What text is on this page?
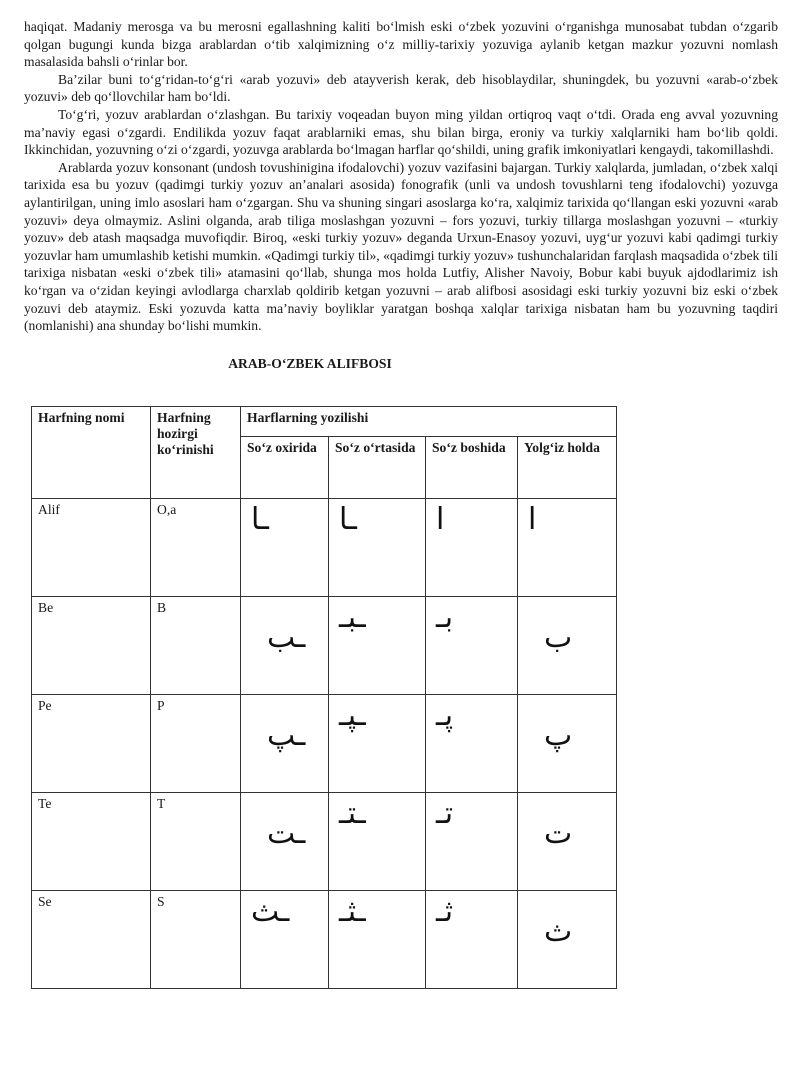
haqiqat. Madaniy merosga va bu merosni egallashning kaliti bo‘lmish eski o‘zbek yozuvini o‘rganishga munosabat tubdan o‘zgarib qolgan bugungi kunda bizga arablardan o‘tib xalqimizning o‘z milliy-tarixiy yozuviga aylanib ketgan mazkur yozuvni nomlash masalasida bahsli o‘rinlar bor.

Ba’zilar buni to‘g‘ridan-to‘g‘ri «arab yozuvi» deb atayverish kerak, deb hisoblaydilar, shuningdek, bu yozuvni «arab-o‘zbek yozuvi» deb qo‘llovchilar ham bo‘ldi.

To‘g‘ri, yozuv arablardan o‘zlashgan. Bu tarixiy voqeadan buyon ming yildan ortiqroq vaqt o‘tdi. Orada eng avval yozuvning ma’naviy egasi o‘zgardi. Endilikda yozuv faqat arablarniki emas, shu bilan birga, eroniy va turkiy xalqlarniki ham bo‘lib qoldi. Ikkinchidan, yozuvning o‘zi o‘zgardi, yozuvga arablarda bo‘lmagan harflar qo‘shildi, uning grafik imkoniyatlari kengaydi, takomillashdi.

Arablarda yozuv konsonant (undosh tovushinigina ifodalovchi) yozuv vazifasini bajargan. Turkiy xalqlarda, jumladan, o‘zbek xalqi tarixida esa bu yozuv (qadimgi turkiy yozuv an’analari asosida) fonografik (unli va undosh tovushlarni teng ifodalovchi) yozuvga aylantirilgan, uning imlo asoslari ham o‘zgargan. Shu va shuning singari asoslarga ko‘ra, xalqimiz tarixida qo‘llangan eski yozuvni «arab yozuvi» deya olmaymiz. Aslini olganda, arab tiliga moslashgan yozuvni – fors yozuvi, turkiy tillarga moslashgan yozuvni – «turkiy yozuv» deb atash maqsadga muvofiqdir. Biroq, «eski turkiy yozuv» deganda Urxun-Enasoy yozuvi, uyg‘ur yozuvi kabi qadimgi turkiy yozuvlar ham umumlashib ketishi mumkin. «Qadimgi turkiy til», «qadimgi turkiy yozuv» tushunchalaridan farqlash maqsadida o‘zbek tili tarixiga nisbatan «eski o‘zbek tili» atamasini qo‘llab, shunga mos holda Lutfiy, Alisher Navoiy, Bobur kabi buyuk ajdodlarimiz ish ko‘rgan va o‘zidan keyingi avlodlarga charxlab qoldirib ketgan yozuvni – arab alifbosi asosidagi eski turkiy yozuvni biz eski o‘zbek yozuvi deb ataymiz. Eski yozuvda katta ma’naviy boyliklar yaratgan boshqa xalqlar tarixiga nisbatan ham bu yozuvning taqdiri (nomlanishi) ana shunday bo‘lishi mumkin.

ARAB-O‘ZBEK ALIFBOSI

Harfning nomi	Harfning hozirgi ko‘rinishi	Harflarning yozilishi			
		So‘z oxirida	So‘z o‘rtasida	So‘z boshida	Yolg‘iz holda
Alif	O,a	ـا	ـا	ا	ا

Be	B	ـب	ـبـ	بـ	ب

Pe	P	ـپ	ـپـ	پـ	پ

Te	T	ـت	ـتـ	تـ	ت

Se	S	ـث	ـثـ	ثـ	ث
